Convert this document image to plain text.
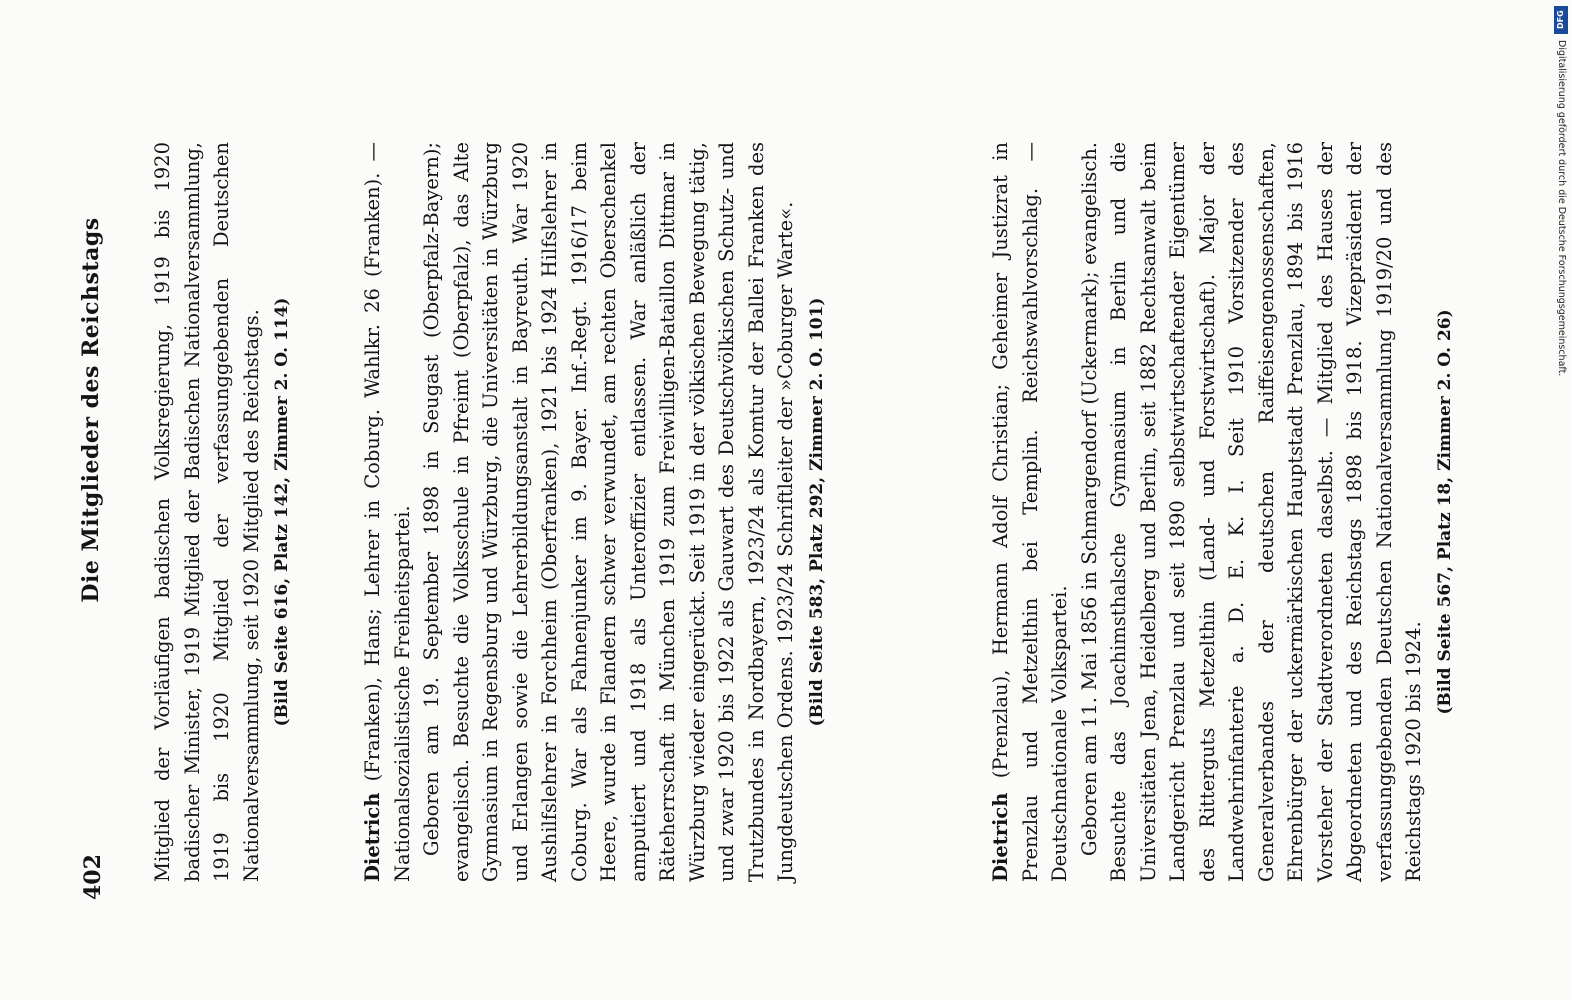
402
Die Mitglieder des Reichstags Mitglied der Vorläufigen badischen Volksregierung, 1919 bis 1920 badischer Minister, 1919 Mitglied der Badischen Nationalversammlung, 1919 bis 1920 Mitglied der verfassunggebenden Deutschen Nationalversammlung, seit 1920 Mitglied des Reichstags. (Bild Seite 616, Platz 142, Zimmer 2. O. 114)

Dietrich (Franken), Hans; Lehrer in Coburg. Wahlkr. 26 (Franken). — Nationalsozialistische Freiheitspartei. Geboren am 19. September 1898 in Seugast (Oberpfalz-Bayern); evangelisch. Besuchte die Volksschule in Pfreimt (Oberpfalz), das Alte Gymnasium in Regensburg und Würzburg, die Universitäten in Würzburg und Erlangen sowie die Lehrerbildungsanstalt in Bayreuth. War 1920 Aushilfslehrer in Forchheim (Oberfranken), 1921 bis 1924 Hilfslehrer in Coburg. War als Fahnenjunker im 9. Bayer. Inf.-Regt. 1916/17 beim Heere, wurde in Flandern schwer verwundet, am rechten Oberschenkel amputiert und 1918 als Unteroffizier entlassen. War anläßlich der Räteherrschaft in München 1919 zum Freiwilligen-Bataillon Dittmar in Würzburg wieder eingerückt. Seit 1919 in der völkischen Bewegung tätig, und zwar 1920 bis 1922 als Gauwart des Deutschvölkischen Schutz- und Trutzbundes in Nordbayern, 1923/24 als Komtur der Ballei Franken des Jungdeutschen Ordens. 1923/24 Schriftleiter der »Coburger Warte«. (Bild Seite 583, Platz 292, Zimmer 2. O. 101)

Dietrich (Prenzlau), Hermann Adolf Christian; Geheimer Justizrat in Prenzlau und Metzelthin bei Templin. Reichswahlvorschlag. — Deutschnationale Volkspartei. Geboren am 11. Mai 1856 in Schmargendorf (Uckermark); evangelisch. Besuchte das Joachimsthalsche Gymnasium in Berlin und die Universitäten Jena, Heidelberg und Berlin, seit 1882 Rechtsanwalt beim Landgericht Prenzlau und seit 1890 selbstwirtschaftender Eigentümer des Ritterguts Metzelthin (Land- und Forstwirtschaft). Major der Landwehrinfanterie a. D. E. K. I. Seit 1910 Vorsitzender des Generalverbandes der deutschen Raiffeisengenossenschaften, Ehrenbürger der uckermärkischen Hauptstadt Prenzlau, 1894 bis 1916 Vorsteher der Stadtverordneten daselbst. — Mitglied des Hauses der Abgeordneten und des Reichstags 1898 bis 1918. Vizepräsident der verfassunggebenden Deutschen Nationalversammlung 1919/20 und des Reichstags 1920 bis 1924.

(Bild Seite 567, Platz 18, Zimmer 2. O. 26)
DFG
Digitalisierung gefördert durch die Deutsche Forschungsgemeinschaft.
